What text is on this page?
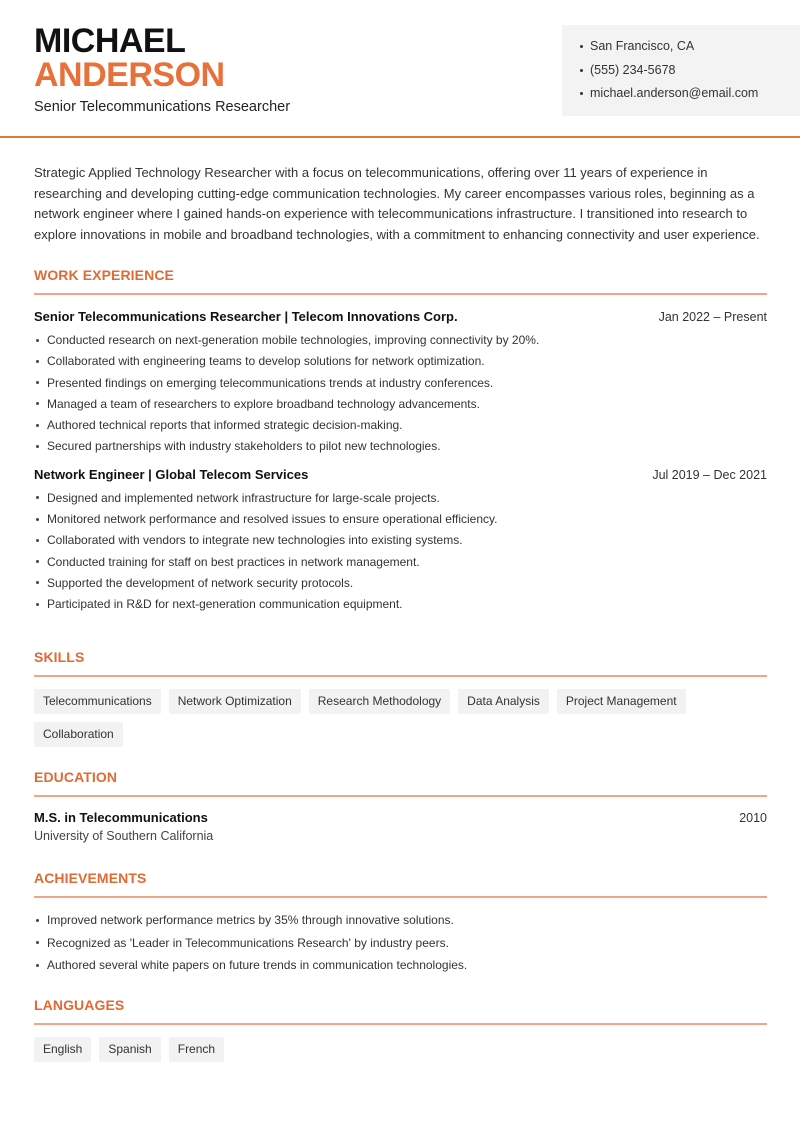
MICHAEL
ANDERSON
Senior Telecommunications Researcher
San Francisco, CA
(555) 234-5678
michael.anderson@email.com

Strategic Applied Technology Researcher with a focus on telecommunications, offering over 11 years of experience in researching and developing cutting-edge communication technologies. My career encompasses various roles, beginning as a network engineer where I gained hands-on experience with telecommunications infrastructure. I transitioned into research to explore innovations in mobile and broadband technologies, with a commitment to enhancing connectivity and user experience.

WORK EXPERIENCE
Senior Telecommunications Researcher | Telecom Innovations Corp.	Jan 2022 – Present
Conducted research on next-generation mobile technologies, improving connectivity by 20%.
Collaborated with engineering teams to develop solutions for network optimization.
Presented findings on emerging telecommunications trends at industry conferences.
Managed a team of researchers to explore broadband technology advancements.
Authored technical reports that informed strategic decision-making.
Secured partnerships with industry stakeholders to pilot new technologies.
Network Engineer | Global Telecom Services	Jul 2019 – Dec 2021
Designed and implemented network infrastructure for large-scale projects.
Monitored network performance and resolved issues to ensure operational efficiency.
Collaborated with vendors to integrate new technologies into existing systems.
Conducted training for staff on best practices in network management.
Supported the development of network security protocols.
Participated in R&D for next-generation communication equipment.
SKILLS
Telecommunications	Network Optimization	Research Methodology	Data Analysis	Project Management
Collaboration
EDUCATION
M.S. in Telecommunications	2010
University of Southern California
ACHIEVEMENTS
Improved network performance metrics by 35% through innovative solutions.
Recognized as 'Leader in Telecommunications Research' by industry peers.
Authored several white papers on future trends in communication technologies.
LANGUAGES
English	Spanish	French
